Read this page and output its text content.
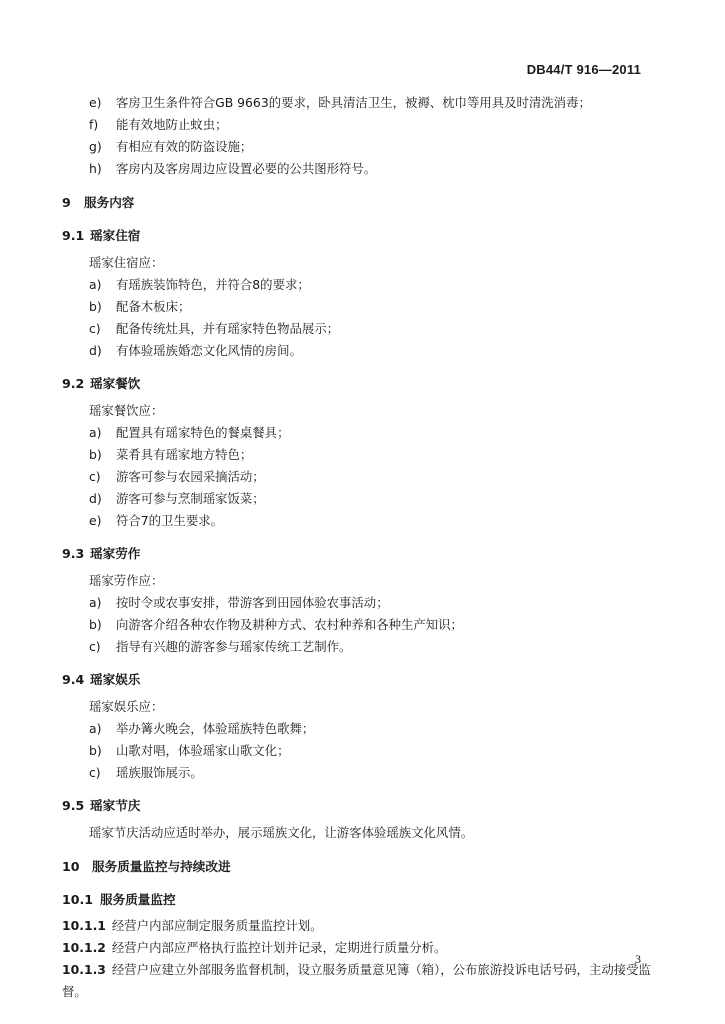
DB44/T 916—2011
e)	客房卫生条件符合GB 9663的要求，卧具清洁卫生，被褥、枕巾等用具及时清洗消毒；
f)	能有效地防止蚊虫；
g)	有相应有效的防盗设施；
h)	客房内及客房周边应设置必要的公共图形符号。
9 服务内容
9.1 瑶家住宿
瑶家住宿应：
a)	有瑶族装饰特色，并符合8的要求；
b)	配备木板床；
c)	配备传统灶具，并有瑶家特色物品展示；
d)	有体验瑶族婚恋文化风情的房间。
9.2 瑶家餐饮
瑶家餐饮应：
a)	配置具有瑶家特色的餐桌餐具；
b)	菜肴具有瑶家地方特色；
c)	游客可参与农园采摘活动；
d)	游客可参与烹制瑶家饭菜；
e)	符合7的卫生要求。
9.3 瑶家劳作
瑶家劳作应：
a)	按时令或农事安排，带游客到田园体验农事活动；
b)	向游客介绍各种农作物及耕种方式、农村种养和各种生产知识；
c)	指导有兴趣的游客参与瑶家传统工艺制作。
9.4 瑶家娱乐
瑶家娱乐应：
a)	举办篝火晚会，体验瑶族特色歌舞；
b)	山歌对唱，体验瑶家山歌文化；
c)	瑶族服饰展示。
9.5 瑶家节庆
瑶家节庆活动应适时举办，展示瑶族文化，让游客体验瑶族文化风情。
10 服务质量监控与持续改进
10.1 服务质量监控
10.1.1 经营户内部应制定服务质量监控计划。
10.1.2 经营户内部应严格执行监控计划并记录，定期进行质量分析。
10.1.3 经营户应建立外部服务监督机制，设立服务质量意见簿（箱），公布旅游投诉电话号码，主动接受监督。
3
